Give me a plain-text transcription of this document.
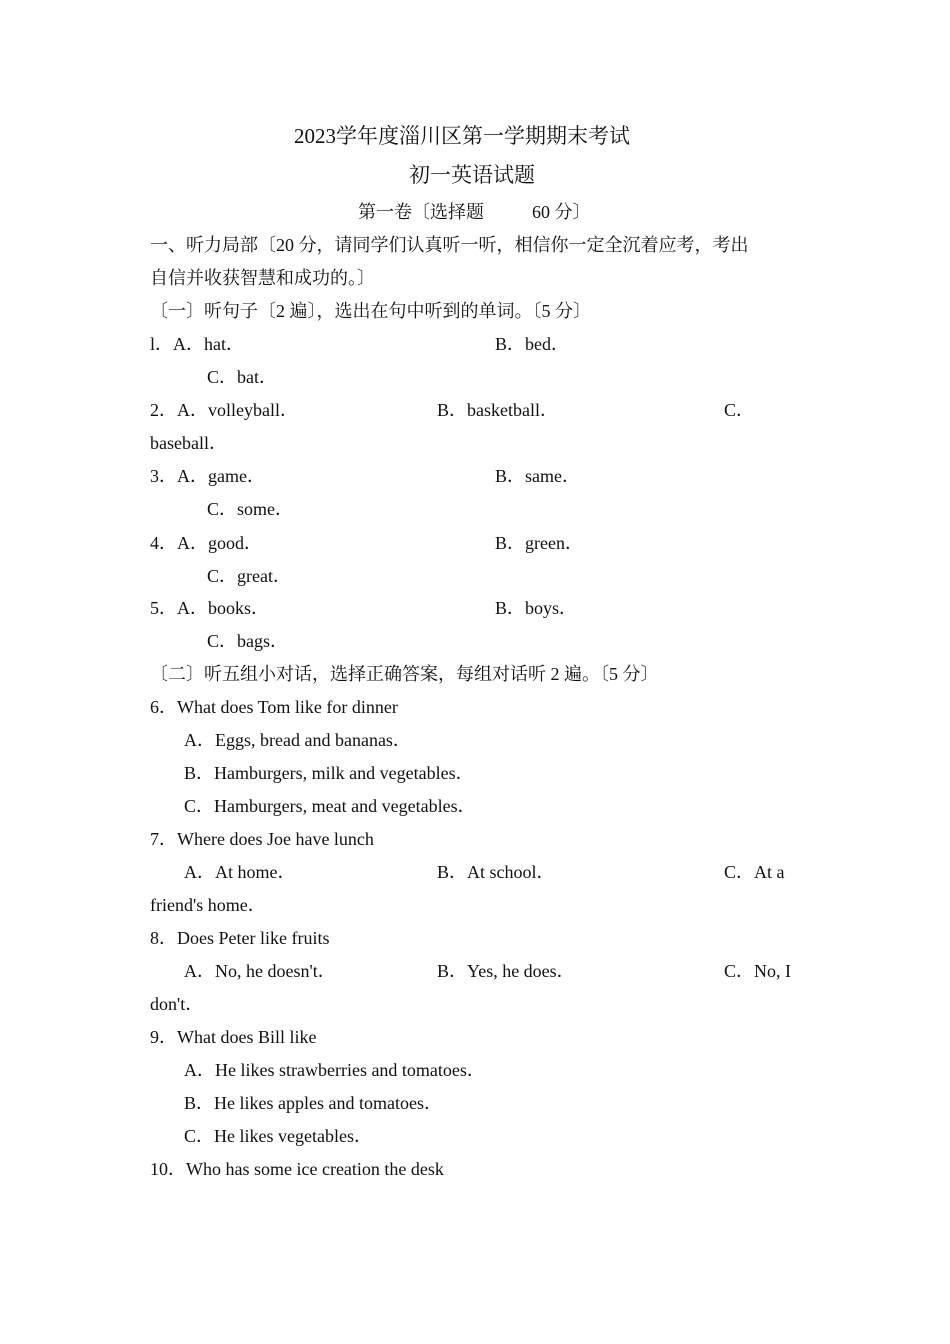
2023学年度淄川区第一学期期末考试
初一英语试题
第一卷〔选择题	60 分〕
一、听力局部〔20 分，请同学们认真听一听，相信你一定全沉着应考，考出
自信并收获智慧和成功的。〕
〔一〕听句子〔2 遍〕，选出在句中听到的单词。〔5 分〕
l．A．hat．	B．bed．
C．bat．
2．A．volleyball．	B．basketball．	C．
baseball．
3．A．game．	B．same．
C．some．
4．A．good．	B．green．
C．great．
5．A．books．	B．boys．
C．bags．
〔二〕听五组小对话，选择正确答案，每组对话听 2 遍。〔5 分〕
6．What does Tom like for dinner
A．Eggs, bread and bananas．
B．Hamburgers, milk and vegetables．
C．Hamburgers, meat and vegetables．
7．Where does Joe have lunch
A．At home．	B．At school．	C．At a
friend's home．
8．Does Peter like fruits
A．No, he doesn't．	B．Yes, he does．	C．No, I
don't．
9．What does Bill like
A．He likes strawberries and tomatoes．
B．He likes apples and tomatoes．
C．He likes vegetables．
10．Who has some ice creation the desk
